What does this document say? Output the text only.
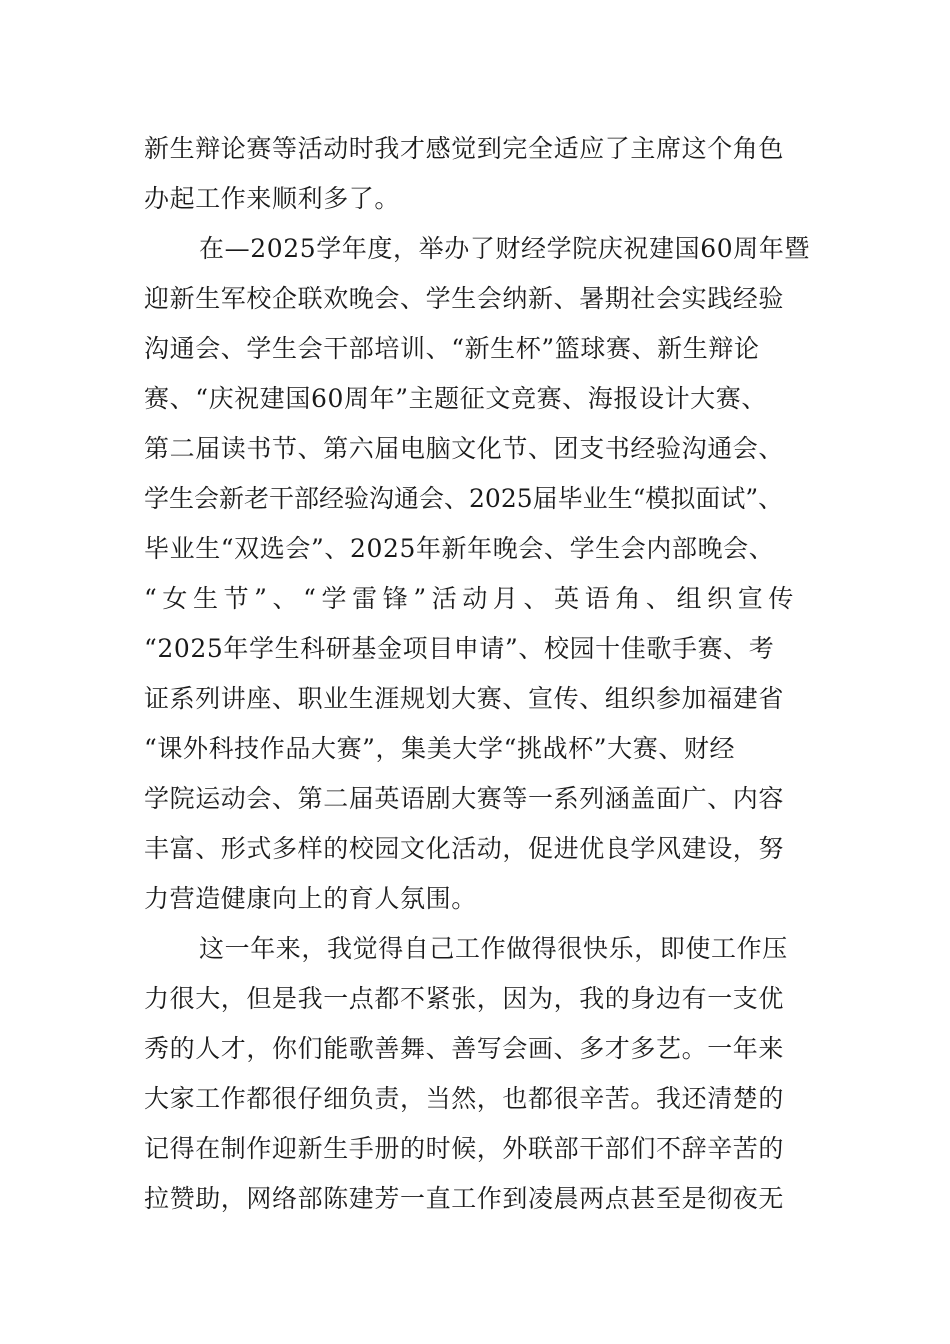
新生辩论赛等活动时我才感觉到完全适应了主席这个角色
办起工作来顺利多了。
在—2025学年度，举办了财经学院庆祝建国60周年暨
迎新生军校企联欢晚会、学生会纳新、暑期社会实践经验
沟通会、学生会干部培训、“新生杯”篮球赛、新生辩论
赛、“庆祝建国60周年”主题征文竞赛、海报设计大赛、
第二届读书节、第六届电脑文化节、团支书经验沟通会、
学生会新老干部经验沟通会、2025届毕业生“模拟面试”、
毕业生“双选会”、2025年新年晚会、学生会内部晚会、
“女生节”、“学雷锋”活动月、英语角、组织宣传
“2025年学生科研基金项目申请”、校园十佳歌手赛、考
证系列讲座、职业生涯规划大赛、宣传、组织参加福建省
“课外科技作品大赛”，集美大学“挑战杯”大赛、财经
学院运动会、第二届英语剧大赛等一系列涵盖面广、内容
丰富、形式多样的校园文化活动，促进优良学风建设，努
力营造健康向上的育人氛围。
这一年来，我觉得自己工作做得很快乐，即使工作压
力很大，但是我一点都不紧张，因为，我的身边有一支优
秀的人才，你们能歌善舞、善写会画、多才多艺。一年来
大家工作都很仔细负责，当然，也都很辛苦。我还清楚的
记得在制作迎新生手册的时候，外联部干部们不辞辛苦的
拉赞助，网络部陈建芳一直工作到凌晨两点甚至是彻夜无
